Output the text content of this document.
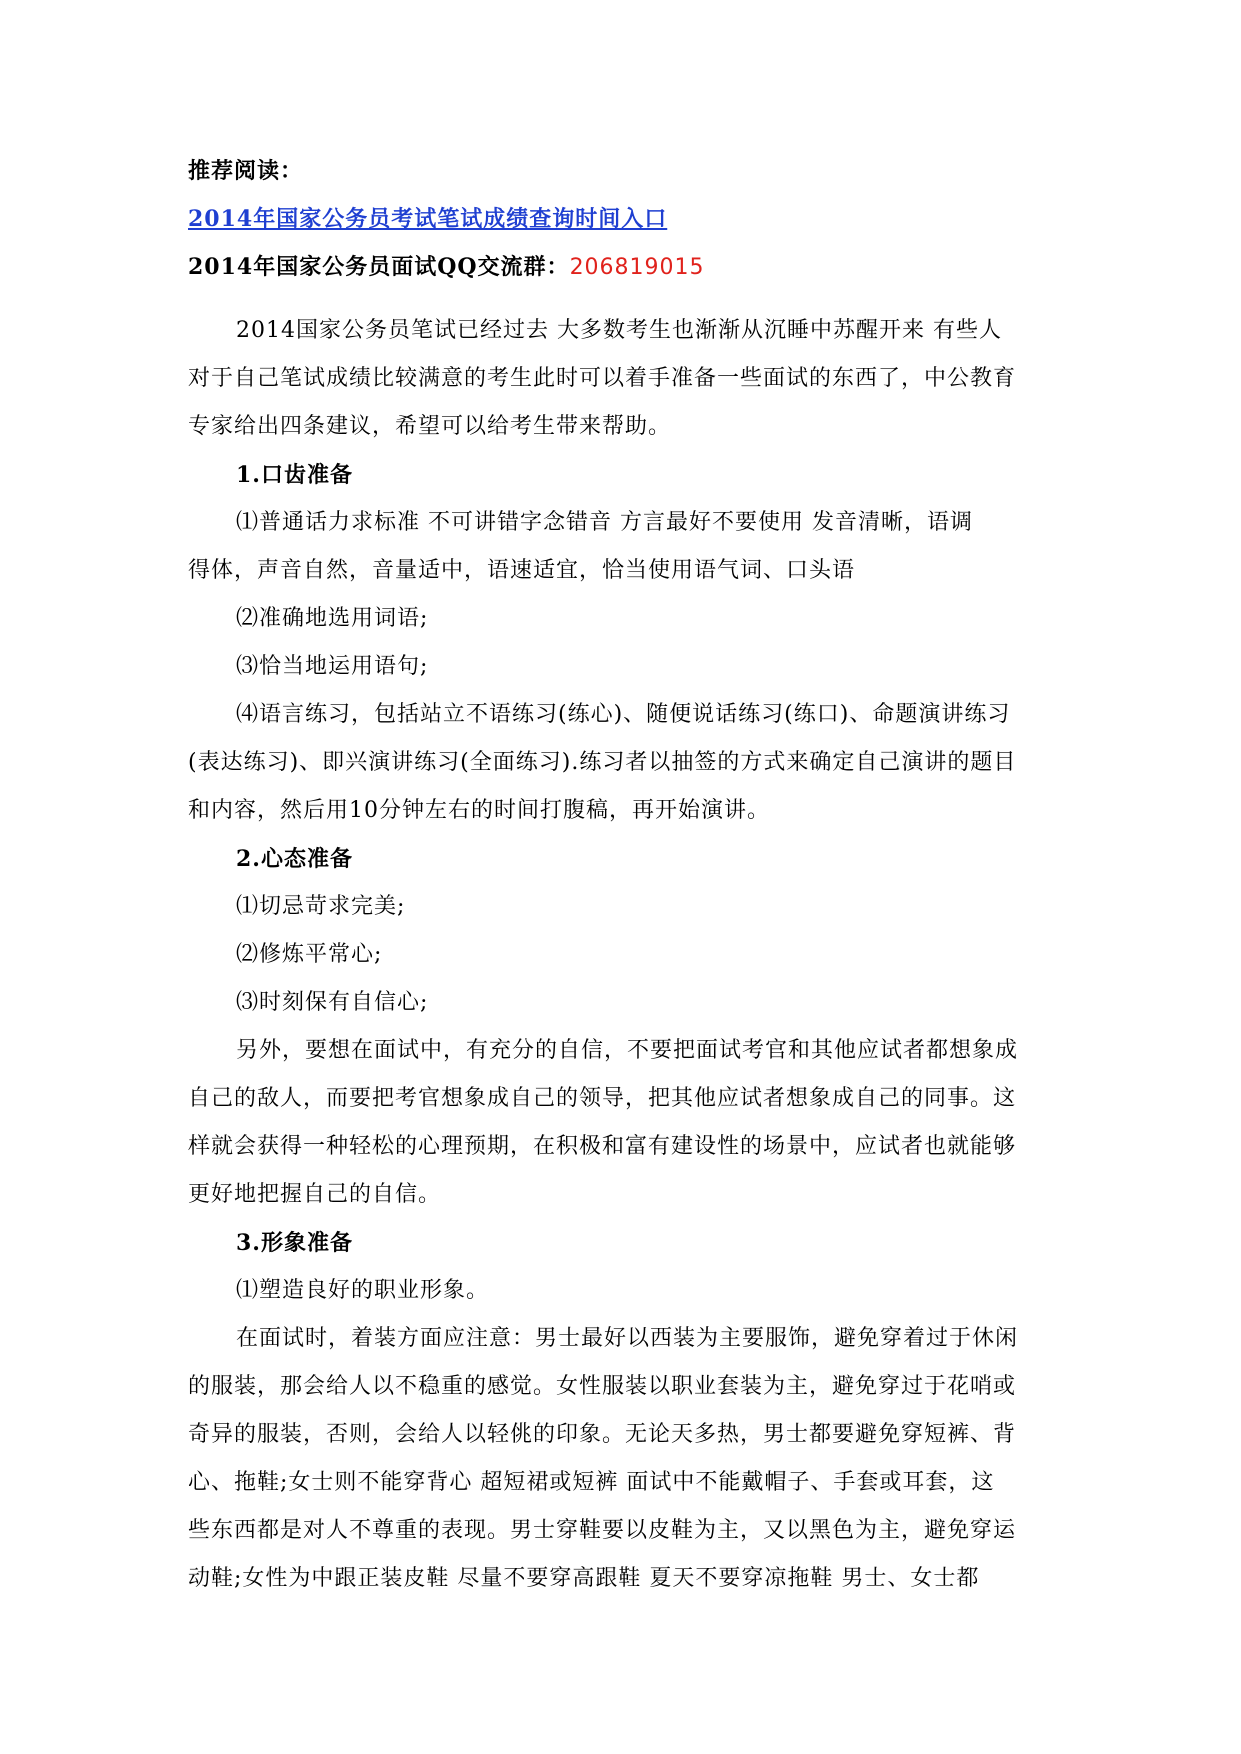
推荐阅读：
2014年国家公务员考试笔试成绩查询时间入口
2014年国家公务员面试QQ交流群：206819015
2014国家公务员笔试已经过去 大多数考生也渐渐从沉睡中苏醒开来 有些人
对于自己笔试成绩比较满意的考生此时可以着手准备一些面试的东西了，中公教育
专家给出四条建议，希望可以给考生带来帮助。
1.口齿准备
⑴普通话力求标准 不可讲错字念错音 方言最好不要使用 发音清晰，语调
得体，声音自然，音量适中，语速适宜，恰当使用语气词、口头语
⑵准确地选用词语;
⑶恰当地运用语句;
⑷语言练习，包括站立不语练习(练心)、随便说话练习(练口)、命题演讲练习
(表达练习)、即兴演讲练习(全面练习).练习者以抽签的方式来确定自己演讲的题目
和内容，然后用10分钟左右的时间打腹稿，再开始演讲。
2.心态准备
⑴切忌苛求完美;
⑵修炼平常心;
⑶时刻保有自信心;
另外，要想在面试中，有充分的自信，不要把面试考官和其他应试者都想象成
自己的敌人，而要把考官想象成自己的领导，把其他应试者想象成自己的同事。这
样就会获得一种轻松的心理预期，在积极和富有建设性的场景中，应试者也就能够
更好地把握自己的自信。
3.形象准备
⑴塑造良好的职业形象。
在面试时，着装方面应注意：男士最好以西装为主要服饰，避免穿着过于休闲
的服装，那会给人以不稳重的感觉。女性服装以职业套装为主，避免穿过于花哨或
奇异的服装，否则，会给人以轻佻的印象。无论天多热，男士都要避免穿短裤、背
心、拖鞋;女士则不能穿背心 超短裙或短裤 面试中不能戴帽子、手套或耳套，这
些东西都是对人不尊重的表现。男士穿鞋要以皮鞋为主，又以黑色为主，避免穿运
动鞋;女性为中跟正装皮鞋 尽量不要穿高跟鞋 夏天不要穿凉拖鞋 男士、女士都
